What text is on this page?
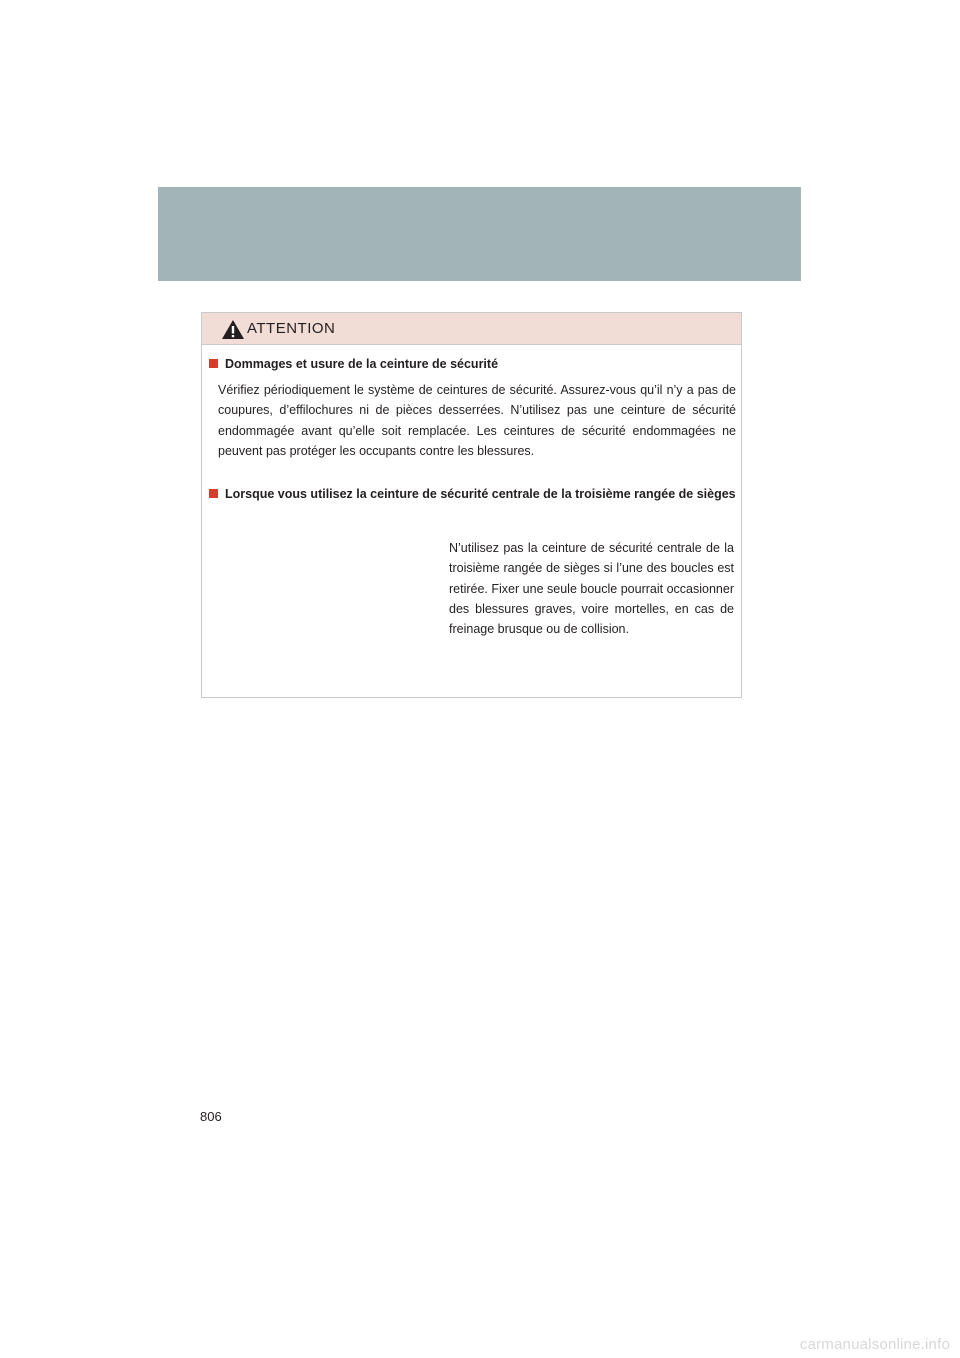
ATTENTION
Dommages et usure de la ceinture de sécurité
Vérifiez périodiquement le système de ceintures de sécurité. Assurez-vous qu’il n’y a pas de coupures, d’effilochures ni de pièces desserrées. N’utilisez pas une ceinture de sécurité endommagée avant qu’elle soit remplacée. Les ceintures de sécurité endommagées ne peuvent pas protéger les occupants contre les blessures.
Lorsque vous utilisez la ceinture de sécurité centrale de la troisième rangée de sièges
N’utilisez pas la ceinture de sécurité centrale de la troisième rangée de sièges si l’une des boucles est retirée. Fixer une seule boucle pourrait occasionner des blessures graves, voire mortelles, en cas de freinage brusque ou de collision.
806
carmanualsonline.info
